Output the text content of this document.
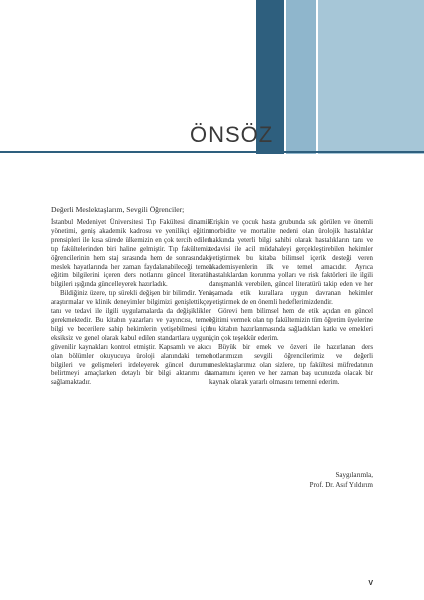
ÖNSÖZ

Değerli Meslektaşlarım, Sevgili Öğrenciler;

İstanbul Medeniyet Üniversitesi Tıp Fakültesi dinamik yönetimi, geniş akademik kadrosu ve yenilikçi eğitim prensipleri ile kısa sürede ülkemizin en çok tercih edilen tıp fakültelerinden biri haline gelmiştir. Tıp fakültemiz öğrencilerinin hem staj sırasında hem de sonrasındaki meslek hayatlarında her zaman faydalanabileceği temel eğitim bilgilerini içeren ders notlarını güncel literatür bilgileri ışığında güncelleyerek hazırladık.

Bildiğiniz üzere, tıp sürekli değişen bir bilimdir. Yeni araştırmalar ve klinik deneyimler bilgimizi genişlettikçe, tanı ve tedavi ile ilgili uygulamalarda da değişiklikler gerekmektedir. Bu kitabın yazarları ve yayıncısı, temel bilgi ve becerilere sahip hekimlerin yetişebilmesi için eksiksiz ve genel olarak kabul edilen standartlara uygun, güvenilir kaynakları kontrol etmiştir. Kapsamlı ve akıcı olan bölümler okuyucuya üroloji alanındaki temel bilgileri ve gelişmeleri irdeleyerek güncel durumu belirtmeyi amaçlarken detaylı bir bilgi aktarımı da sağlamaktadır.

Erişkin ve çocuk hasta grubunda sık görülen ve önemli morbidite ve mortalite nedeni olan ürolojik hastalıklar hakkında yeterli bilgi sahibi olarak hastalıkların tanı ve tedavisi ile acil müdahaleyi gerçekleştirebilen hekimler yetiştirmek bu kitaba bilimsel içerik desteği veren akademisyenlerin ilk ve temel amacıdır. Ayrıca hastalıklardan korunma yolları ve risk faktörleri ile ilgili danışmanlık verebilen, güncel literatürü takip eden ve her aşamada etik kurallara uygun davranan hekimler yetiştirmek de en önemli hedeflerimizdendir.

Görevi hem bilimsel hem de etik açıdan en güncel eğitimi vermek olan tıp fakültemizin tüm öğretim üyelerine bu kitabın hazırlanmasında sağladıkları katkı ve emekleri için çok teşekkür ederim.

Büyük bir emek ve özveri ile hazırlanan ders notlarımızın sevgili öğrencilerimiz ve değerli meslektaşlarımız olan sizlere, tıp fakültesi müfredatının tamamını içeren ve her zaman baş ucunuzda olacak bir kaynak olarak yararlı olmasını temenni ederim.

Saygılarımla,
Prof. Dr. Asıf Yıldırım
V
